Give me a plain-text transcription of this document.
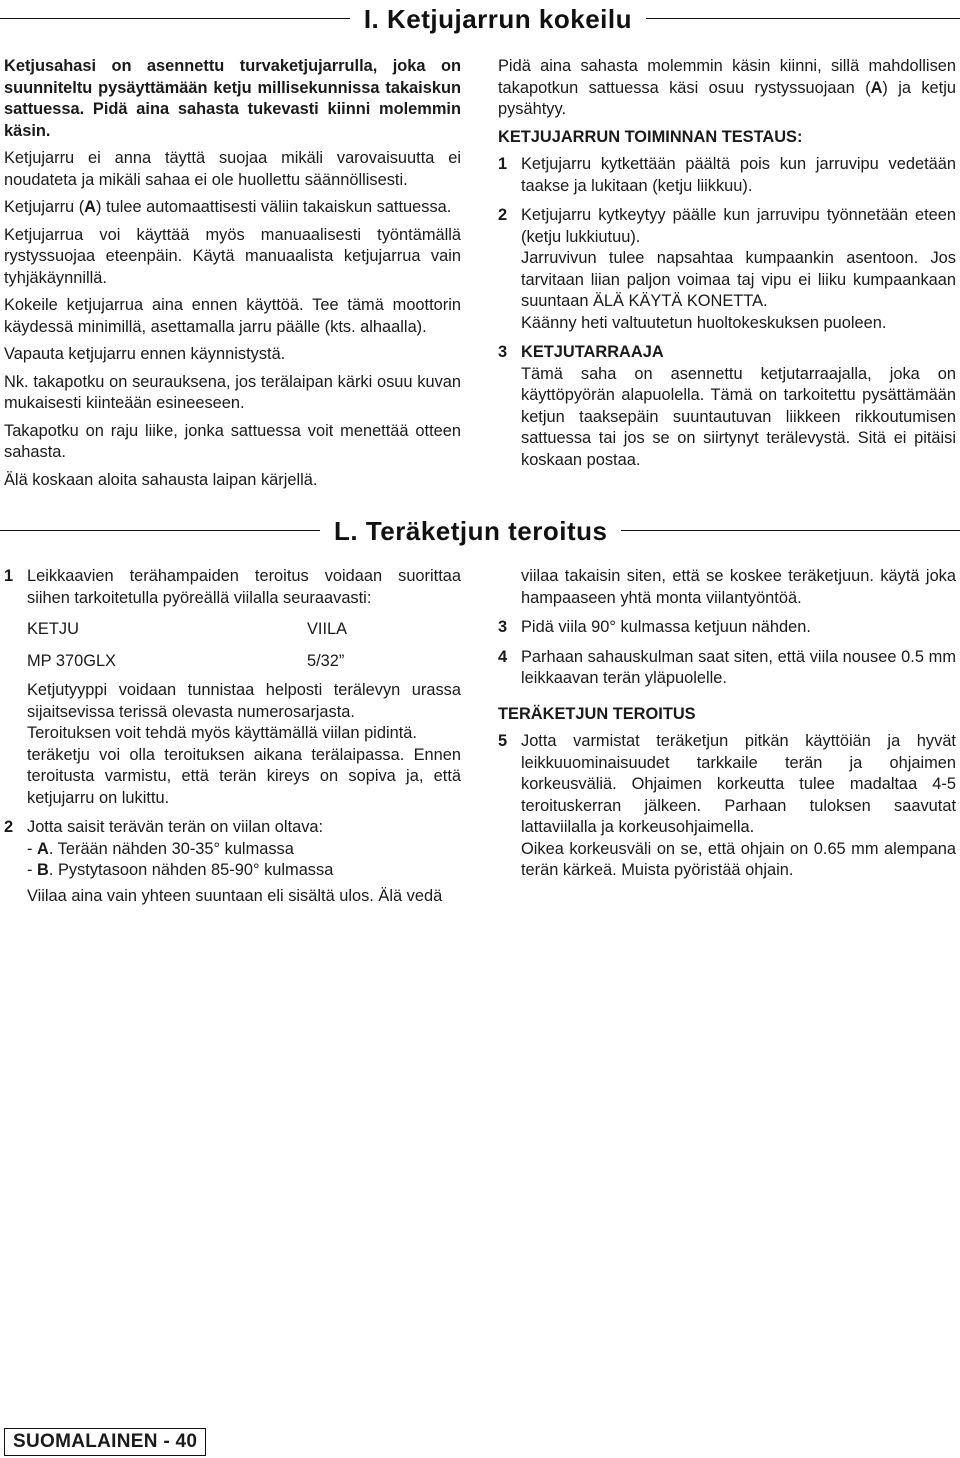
I. Ketjujarrun kokeilu

Ketjusahasi on asennettu turvaketjujarrulla, joka on suunniteltu pysäyttämään ketju millisekunnissa takaiskun sattuessa. Pidä aina sahasta tukevasti kiinni molemmin käsin.

Ketjujarru ei anna täyttä suojaa mikäli varovaisuutta ei noudateta ja mikäli sahaa ei ole huollettu säännöllisesti.

Ketjujarru (A) tulee automaattisesti väliin takaiskun sattuessa.

Ketjujarrua voi käyttää myös manuaalisesti työntämällä rystyssuojaa eteenpäin. Käytä manuaalista ketjujarrua vain tyhjäkäynnillä.

Kokeile ketjujarrua aina ennen käyttöä. Tee tämä moottorin käydessä minimillä, asettamalla jarru päälle (kts. alhaalla).

Vapauta ketjujarru ennen käynnistystä.

Nk. takapotku on seurauksena, jos terälaipan kärki osuu kuvan mukaisesti kiinteään esineeseen.

Takapotku on raju liike, jonka sattuessa voit menettää otteen sahasta.

Älä koskaan aloita sahausta laipan kärjellä.

Pidä aina sahasta molemmin käsin kiinni, sillä mahdollisen takapotkun sattuessa käsi osuu rystyssuojaan (A) ja ketju pysähtyy.

KETJUJARRUN TOIMINNAN TESTAUS:

1 Ketjujarru kytkettään päältä pois kun jarruvipu vedetään taakse ja lukitaan (ketju liikkuu).
2 Ketjujarru kytkeytyy päälle kun jarruvipu työnnetään eteen (ketju lukkiutuu).
Jarruvivun tulee napsahtaa kumpaankin asentoon. Jos tarvitaan liian paljon voimaa taj vipu ei liiku kumpaankaan suuntaan ÄLÄ KÄYTÄ KONETTA.
Käänny heti valtuutetun huoltokeskuksen puoleen.
3 KETJUTARRAAJA
Tämä saha on asennettu ketjutarraajalla, joka on käyttöpyörän alapuolella. Tämä on tarkoitettu pysättämään ketjun taaksepäin suuntautuvan liikkeen rikkoutumisen sattuessa tai jos se on siirtynyt terälevystä. Sitä ei pitäisi koskaan postaa.
L. Teräketjun teroitus
1 Leikkaavien terähampaiden teroitus voidaan suorittaa siihen tarkoitetulla pyöreällä viilalla seuraavasti:
KETJU	VIILA
MP 370GLX	5/32”
Ketjutyyppi voidaan tunnistaa helposti terälevyn urassa sijaitsevissa terissä olevasta numerosarjasta.
Teroituksen voit tehdä myös käyttämällä viilan pidintä.
teräketju voi olla teroituksen aikana terälaipassa. Ennen teroitusta varmistu, että terän kireys on sopiva ja, että ketjujarru on lukittu.
2 Jotta saisit terävän terän on viilan oltava:
- A. Terään nähden 30-35° kulmassa
- B. Pystytasoon nähden 85-90° kulmassa
Viilaa aina vain yhteen suuntaan eli sisältä ulos. Älä vedä
viilaa takaisin siten, että se koskee teräketjuun. käytä joka hampaaseen yhtä monta viilantyöntöä.
3 Pidä viila 90° kulmassa ketjuun nähden.
4 Parhaan sahauskulman saat siten, että viila nousee 0.5 mm leikkaavan terän yläpuolelle.

TERÄKETJUN TEROITUS

5 Jotta varmistat teräketjun pitkän käyttöiän ja hyvät leikkuuominaisuudet tarkkaile terän ja ohjaimen korkeusväliä. Ohjaimen korkeutta tulee madaltaa 4-5 teroituskerran jälkeen. Parhaan tuloksen saavutat lattaviilalla ja korkeusohjaimella.
Oikea korkeusväli on se, että ohjain on 0.65 mm alempana terän kärkeä. Muista pyöristää ohjain.
SUOMALAINEN - 40
